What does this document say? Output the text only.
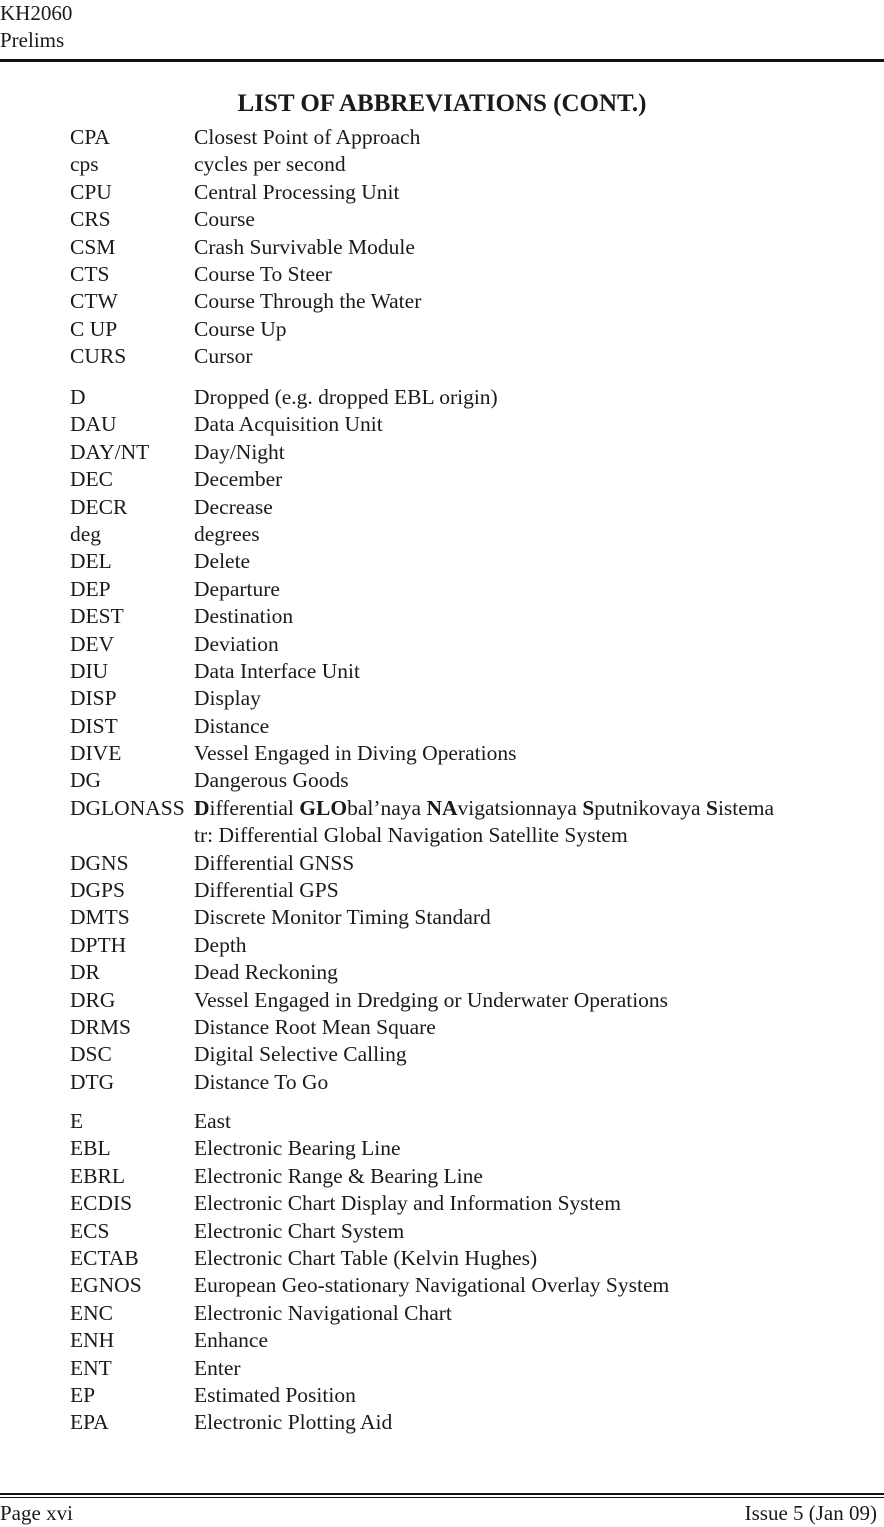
KH2060
Prelims
LIST OF ABBREVIATIONS (CONT.)
CPA	Closest Point of Approach
cps	cycles per second
CPU	Central Processing Unit
CRS	Course
CSM	Crash Survivable Module
CTS	Course To Steer
CTW	Course Through the Water
C UP	Course Up
CURS	Cursor
D	Dropped (e.g. dropped EBL origin)
DAU	Data Acquisition Unit
DAY/NT Day/Night
DEC	December
DECR	Decrease
deg	degrees
DEL	Delete
DEP	Departure
DEST	Destination
DEV	Deviation
DIU	Data Interface Unit
DISP	Display
DIST	Distance
DIVE	Vessel Engaged in Diving Operations
DG	Dangerous Goods
DGLONASS Differential GLObal’naya NAvigatsionnaya Sputnikovaya Sistema
tr: Differential Global Navigation Satellite System
DGNS	Differential GNSS
DGPS	Differential GPS
DMTS	Discrete Monitor Timing Standard
DPTH	Depth
DR	Dead Reckoning
DRG	Vessel Engaged in Dredging or Underwater Operations
DRMS	Distance Root Mean Square
DSC	Digital Selective Calling
DTG	Distance To Go
E	East
EBL	Electronic Bearing Line
EBRL	Electronic Range & Bearing Line
ECDIS	Electronic Chart Display and Information System
ECS	Electronic Chart System
ECTAB	Electronic Chart Table (Kelvin Hughes)
EGNOS European Geo-stationary Navigational Overlay System
ENC	Electronic Navigational Chart
ENH	Enhance
ENT	Enter
EP	Estimated Position
EPA	Electronic Plotting Aid
Page xvi	Issue 5 (Jan 09)
